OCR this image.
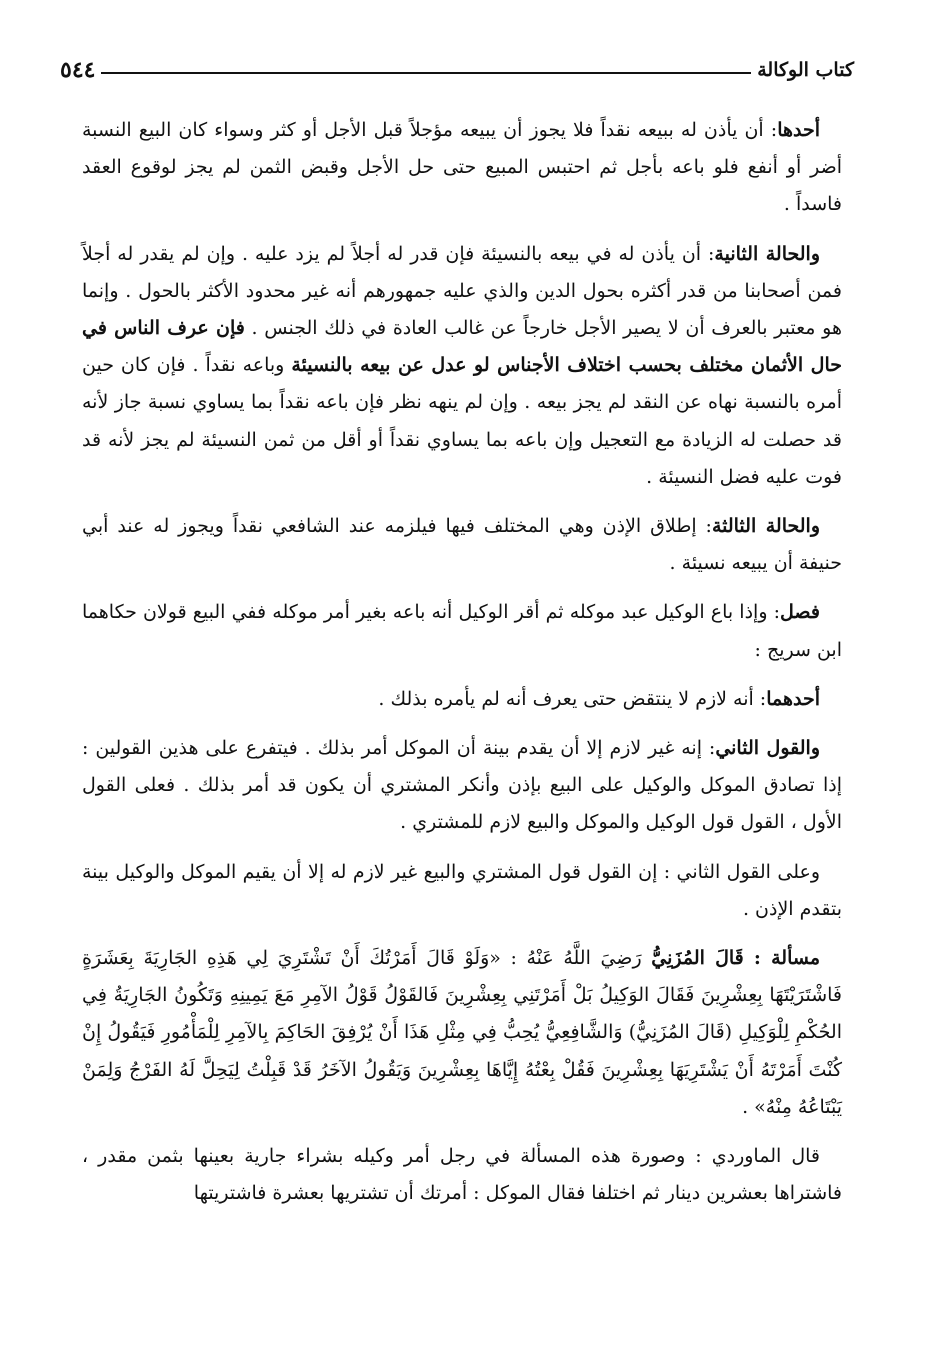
كتاب الوكالة
٥٤٤

أحدها: أن يأذن له ببيعه نقداً فلا يجوز أن يبيعه مؤجلاً قبل الأجل أو كثر وسواء كان البيع النسبة أضر أو أنفع فلو باعه بأجل ثم احتبس المبيع حتى حل الأجل وقبض الثمن لم يجز لوقوع العقد فاسداً .

والحالة الثانية: أن يأذن له في بيعه بالنسيئة فإن قدر له أجلاً لم يزد عليه . وإن لم يقدر له أجلاً فمن أصحابنا من قدر أكثره بحول الدين والذي عليه جمهورهم أنه غير محدود الأكثر بالحول . وإنما هو معتبر بالعرف أن لا يصير الأجل خارجاً عن غالب العادة في ذلك الجنس . فإن عرف الناس في حال الأثمان مختلف بحسب اختلاف الأجناس لو عدل عن بيعه بالنسيئة وباعه نقداً . فإن كان حين أمره بالنسبة نهاه عن النقد لم يجز بيعه . وإن لم ينهه نظر فإن باعه نقداً بما يساوي نسبة جاز لأنه قد حصلت له الزيادة مع التعجيل وإن باعه بما يساوي نقداً أو أقل من ثمن النسيئة لم يجز لأنه قد فوت عليه فضل النسيئة .

والحالة الثالثة: إطلاق الإذن وهي المختلف فيها فيلزمه عند الشافعي نقداً ويجوز له عند أبي حنيفة أن يبيعه نسيئة .

فصل: وإذا باع الوكيل عبد موكله ثم أقر الوكيل أنه باعه بغير أمر موكله ففي البيع قولان حكاهما ابن سريج :

أحدهما: أنه لازم لا ينتقض حتى يعرف أنه لم يأمره بذلك .

والقول الثاني: إنه غير لازم إلا أن يقدم بينة أن الموكل أمر بذلك . فيتفرع على هذين القولين : إذا تصادق الموكل والوكيل على البيع بإذن وأنكر المشتري أن يكون قد أمر بذلك . فعلى القول الأول ، القول قول الوكيل والموكل والبيع لازم للمشتري .

وعلى القول الثاني : إن القول قول المشتري والبيع غير لازم له إلا أن يقيم الموكل والوكيل بينة بتقدم الإذن .

مسألة : قَالَ المُزَنِيُّ رَضِيَ اللَّهُ عَنْهُ : «وَلَوْ قَالَ أَمَرْتُكَ أَنْ تَشْتَرِيَ لِي هَذِهِ الجَارِيَةَ بِعَشَرَةٍ فَاشْتَرَيْتَهَا بِعِشْرِينَ فَقَالَ الوَكِيلُ بَلْ أَمَرْتَنِي بِعِشْرِينَ فَالقَوْلُ قَوْلُ الآمِرِ مَعَ يَمِينِهِ وَتَكُونُ الجَارِيَةُ فِي الحُكْمِ لِلْوَكِيلِ (قَالَ المُزَنِيُّ) وَالشَّافِعِيُّ يُحِبُّ فِي مِثْلِ هَذَا أَنْ يُرْفِقَ الحَاكِمَ بِالآمِرِ لِلْمَأْمُورِ فَيَقُولُ إِنْ كُنْتَ أَمَرْتَهُ أَنْ يَشْتَرِيَهَا بِعِشْرِينَ فَقُلْ بِعْتُهُ إِيَّاهَا بِعِشْرِينَ وَيَقُولُ الآخَرُ قَدْ قَبِلْتُ لِيَحِلَّ لَهُ الفَرْجُ وَلِمَنْ يَبْتَاعُهُ مِنْهُ» .

قال الماوردي : وصورة هذه المسألة في رجل أمر وكيله بشراء جارية بعينها بثمن مقدر ، فاشتراها بعشرين دينار ثم اختلفا فقال الموكل : أمرتك أن تشتريها بعشرة فاشتريتها
